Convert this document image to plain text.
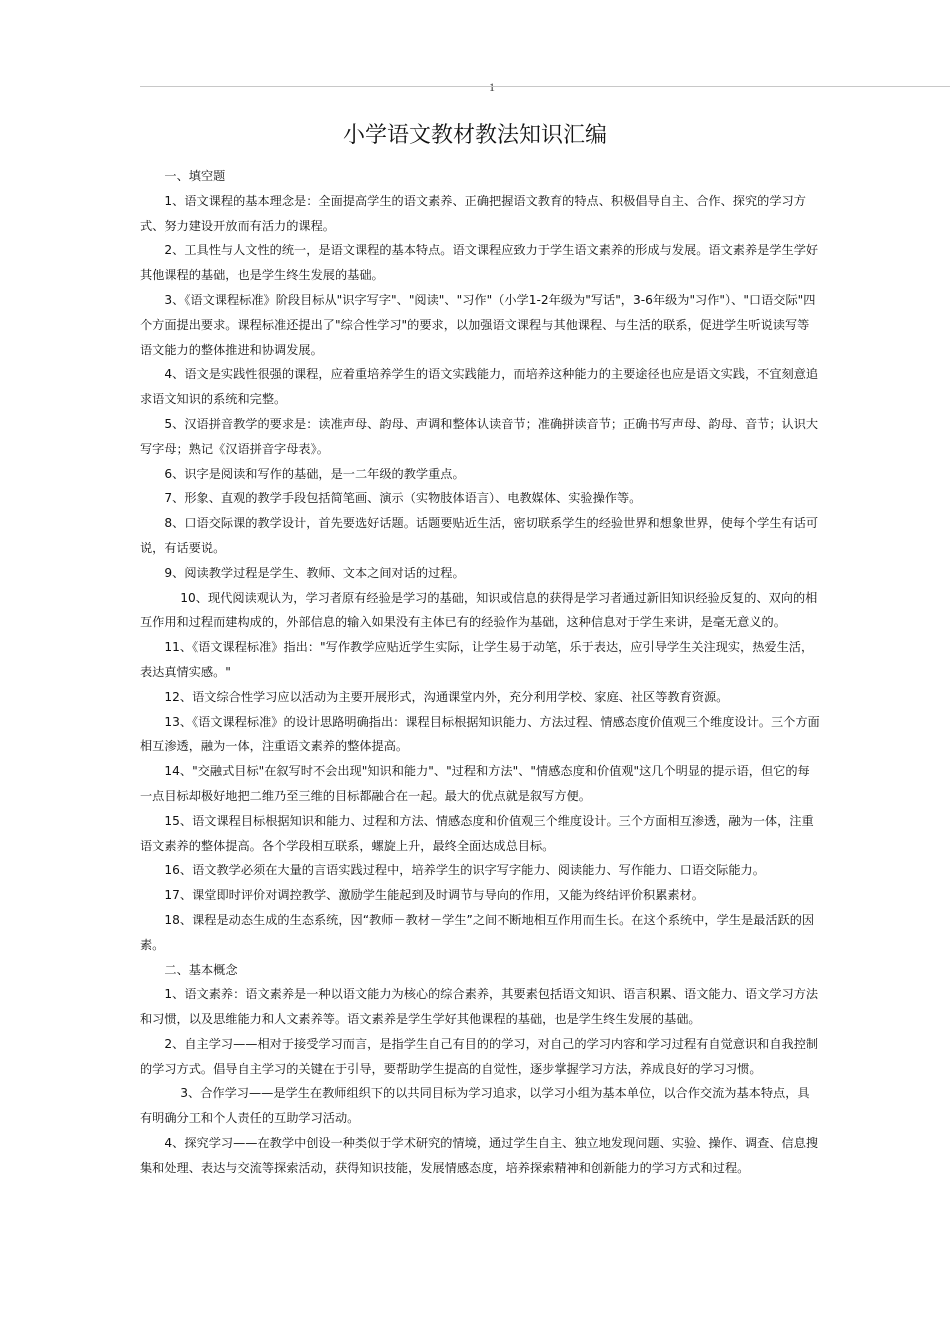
1
小学语文教材教法知识汇编

一、填空题

1、语文课程的基本理念是：全面提高学生的语文素养、正确把握语文教育的特点、积极倡导自主、合作、探究的学习方式、努力建设开放而有活力的课程。

2、工具性与人文性的统一，是语文课程的基本特点。语文课程应致力于学生语文素养的形成与发展。语文素养是学生学好其他课程的基础，也是学生终生发展的基础。

3、《语文课程标准》阶段目标从"识字写字"、"阅读"、"习作"（小学1-2年级为"写话"，3-6年级为"习作"）、"口语交际"四个方面提出要求。课程标准还提出了"综合性学习"的要求，以加强语文课程与其他课程、与生活的联系，促进学生听说读写等语文能力的整体推进和协调发展。

4、语文是实践性很强的课程，应着重培养学生的语文实践能力，而培养这种能力的主要途径也应是语文实践，不宜刻意追求语文知识的系统和完整。

5、汉语拼音教学的要求是：读准声母、韵母、声调和整体认读音节；准确拼读音节；正确书写声母、韵母、音节；认识大写字母；熟记《汉语拼音字母表》。

6、识字是阅读和写作的基础，是一二年级的教学重点。

7、形象、直观的教学手段包括简笔画、演示（实物肢体语言）、电教媒体、实验操作等。

8、口语交际课的教学设计，首先要选好话题。话题要贴近生活，密切联系学生的经验世界和想象世界，使每个学生有话可说，有话要说。

9、阅读教学过程是学生、教师、文本之间对话的过程。

10、现代阅读观认为，学习者原有经验是学习的基础，知识或信息的获得是学习者通过新旧知识经验反复的、双向的相互作用和过程而建构成的，外部信息的输入如果没有主体已有的经验作为基础，这种信息对于学生来讲，是毫无意义的。

11、《语文课程标准》指出："写作教学应贴近学生实际，让学生易于动笔，乐于表达，应引导学生关注现实，热爱生活，表达真情实感。"

12、语文综合性学习应以活动为主要开展形式，沟通课堂内外，充分利用学校、家庭、社区等教育资源。

13、《语文课程标准》的设计思路明确指出：课程目标根据知识能力、方法过程、情感态度价值观三个维度设计。三个方面相互渗透，融为一体，注重语文素养的整体提高。

14、"交融式目标"在叙写时不会出现"知识和能力"、"过程和方法"、"情感态度和价值观"这几个明显的提示语，但它的每一点目标却极好地把二维乃至三维的目标都融合在一起。最大的优点就是叙写方便。

15、语文课程目标根据知识和能力、过程和方法、情感态度和价值观三个维度设计。三个方面相互渗透，融为一体，注重语文素养的整体提高。各个学段相互联系，螺旋上升，最终全面达成总目标。

16、语文教学必须在大量的言语实践过程中，培养学生的识字写字能力、阅读能力、写作能力、口语交际能力。

17、课堂即时评价对调控教学、激励学生能起到及时调节与导向的作用，又能为终结评价积累素材。

18、课程是动态生成的生态系统，因“教师－教材－学生”之间不断地相互作用而生长。在这个系统中，学生是最活跃的因素。

二、基本概念

1、语文素养：语文素养是一种以语文能力为核心的综合素养，其要素包括语文知识、语言积累、语文能力、语文学习方法和习惯，以及思维能力和人文素养等。语文素养是学生学好其他课程的基础，也是学生终生发展的基础。

2、自主学习——相对于接受学习而言，是指学生自己有目的的学习，对自己的学习内容和学习过程有自觉意识和自我控制的学习方式。倡导自主学习的关键在于引导，要帮助学生提高的自觉性，逐步掌握学习方法，养成良好的学习习惯。

3、合作学习——是学生在教师组织下的以共同目标为学习追求，以学习小组为基本单位，以合作交流为基本特点，具有明确分工和个人责任的互助学习活动。

4、探究学习——在教学中创设一种类似于学术研究的情境，通过学生自主、独立地发现问题、实验、操作、调查、信息搜集和处理、表达与交流等探索活动，获得知识技能，发展情感态度，培养探索精神和创新能力的学习方式和过程。
